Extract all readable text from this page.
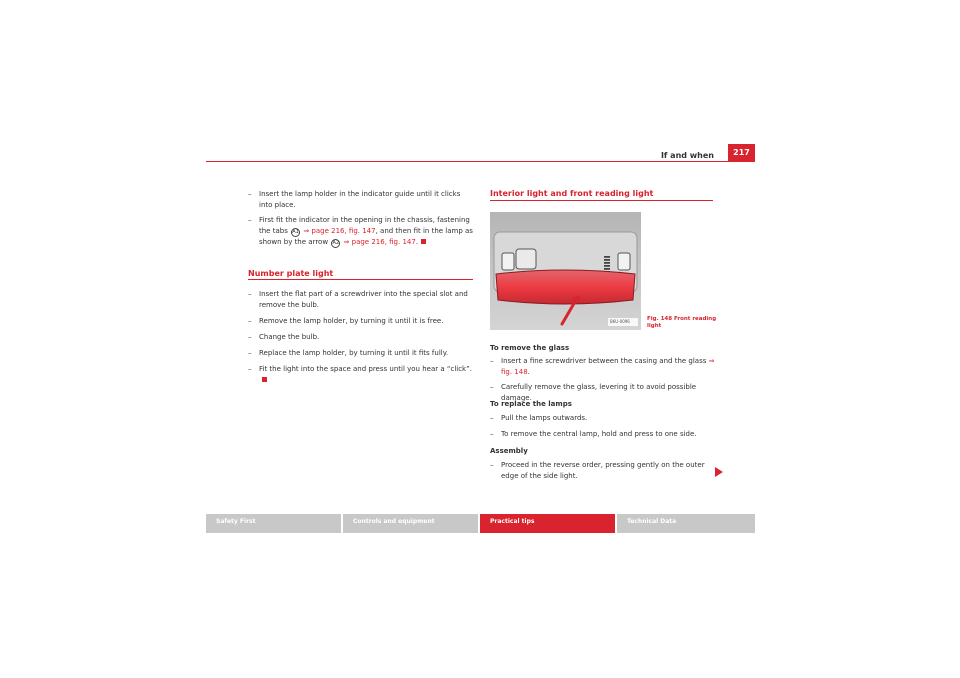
If and when	217
– Insert the lamp holder in the indicator guide until it clicks into place.
– First fit the indicator in the opening in the chassis, fastening the tabs A1 ⇒ page 216, fig. 147, and then fit in the lamp as shown by the arrow A2 ⇒ page 216, fig. 147.
Number plate light
– Insert the flat part of a screwdriver into the special slot and remove the bulb.
– Remove the lamp holder, by turning it until it is free.
– Change the bulb.
– Replace the lamp holder, by turning it until it fits fully.
– Fit the light into the space and press until you hear a “click”.
Interior light and front reading light
B6U-0096	Fig. 148 Front reading light
To remove the glass
– Insert a fine screwdriver between the casing and the glass ⇒ fig. 148.
– Carefully remove the glass, levering it to avoid possible damage.
To replace the lamps
– Pull the lamps outwards.
– To remove the central lamp, hold and press to one side.
Assembly
– Proceed in the reverse order, pressing gently on the outer edge of the side light.
Safety First	Controls and equipment	Practical tips	Technical Data
